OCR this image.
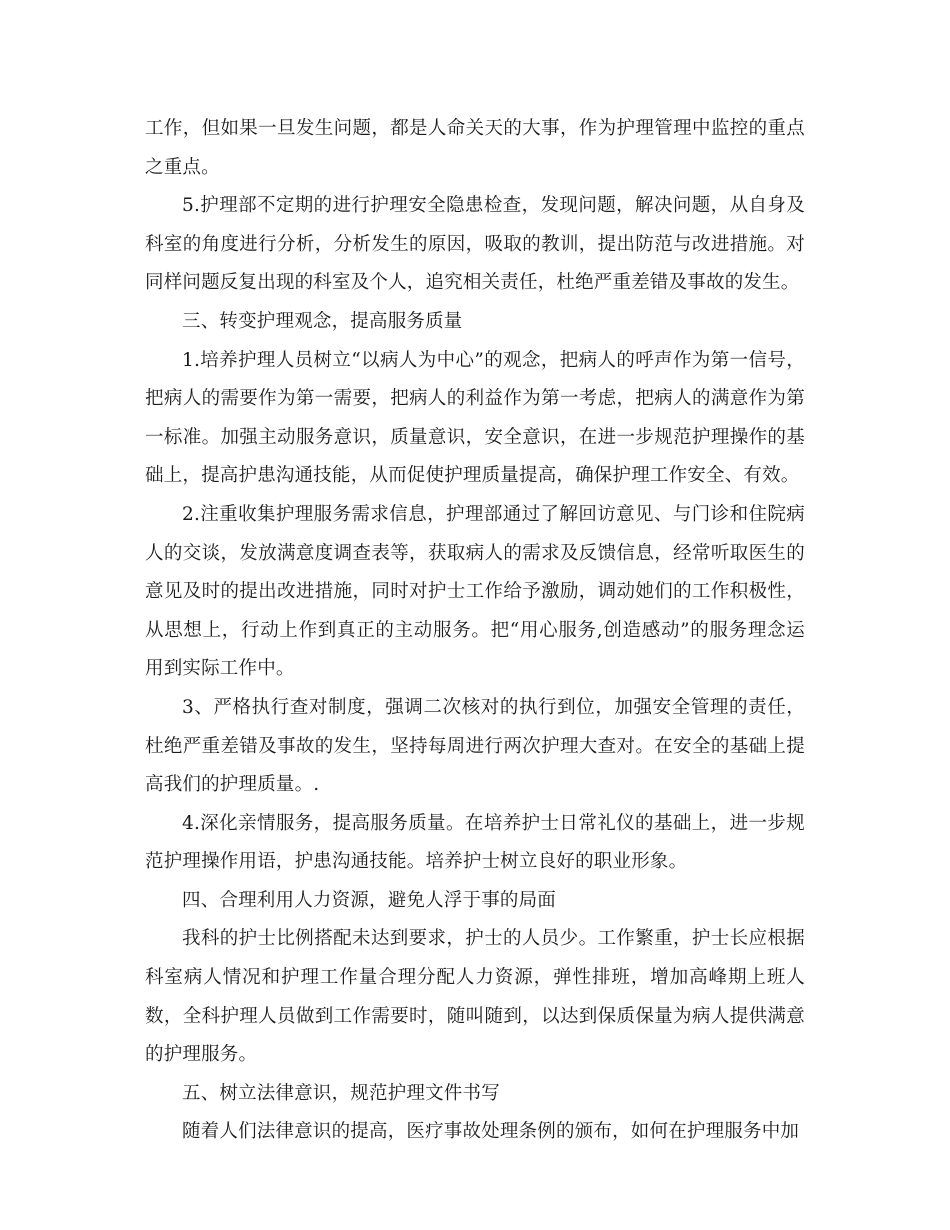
工作，但如果一旦发生问题，都是人命关天的大事，作为护理管理中监控的重点之重点。

5.护理部不定期的进行护理安全隐患检查，发现问题，解决问题，从自身及科室的角度进行分析，分析发生的原因，吸取的教训，提出防范与改进措施。对同样问题反复出现的科室及个人，追究相关责任，杜绝严重差错及事故的发生。

三、转变护理观念，提高服务质量

1.培养护理人员树立“以病人为中心”的观念，把病人的呼声作为第一信号，把病人的需要作为第一需要，把病人的利益作为第一考虑，把病人的满意作为第一标准。加强主动服务意识，质量意识，安全意识，在进一步规范护理操作的基础上，提高护患沟通技能，从而促使护理质量提高，确保护理工作安全、有效。

2.注重收集护理服务需求信息，护理部通过了解回访意见、与门诊和住院病人的交谈，发放满意度调查表等，获取病人的需求及反馈信息，经常听取医生的意见及时的提出改进措施，同时对护士工作给予激励，调动她们的工作积极性，从思想上，行动上作到真正的主动服务。把“用心服务,创造感动”的服务理念运用到实际工作中。

3、严格执行查对制度，强调二次核对的执行到位，加强安全管理的责任，杜绝严重差错及事故的发生，坚持每周进行两次护理大查对。在安全的基础上提高我们的护理质量。.

4.深化亲情服务，提高服务质量。在培养护士日常礼仪的基础上，进一步规范护理操作用语，护患沟通技能。培养护士树立良好的职业形象。

四、合理利用人力资源，避免人浮于事的局面

我科的护士比例搭配未达到要求，护士的人员少。工作繁重，护士长应根据科室病人情况和护理工作量合理分配人力资源，弹性排班，增加高峰期上班人数，全科护理人员做到工作需要时，随叫随到，以达到保质保量为病人提供满意的护理服务。

五、树立法律意识，规范护理文件书写

随着人们法律意识的提高，医疗事故处理条例的颁布，如何在护理服务中加
